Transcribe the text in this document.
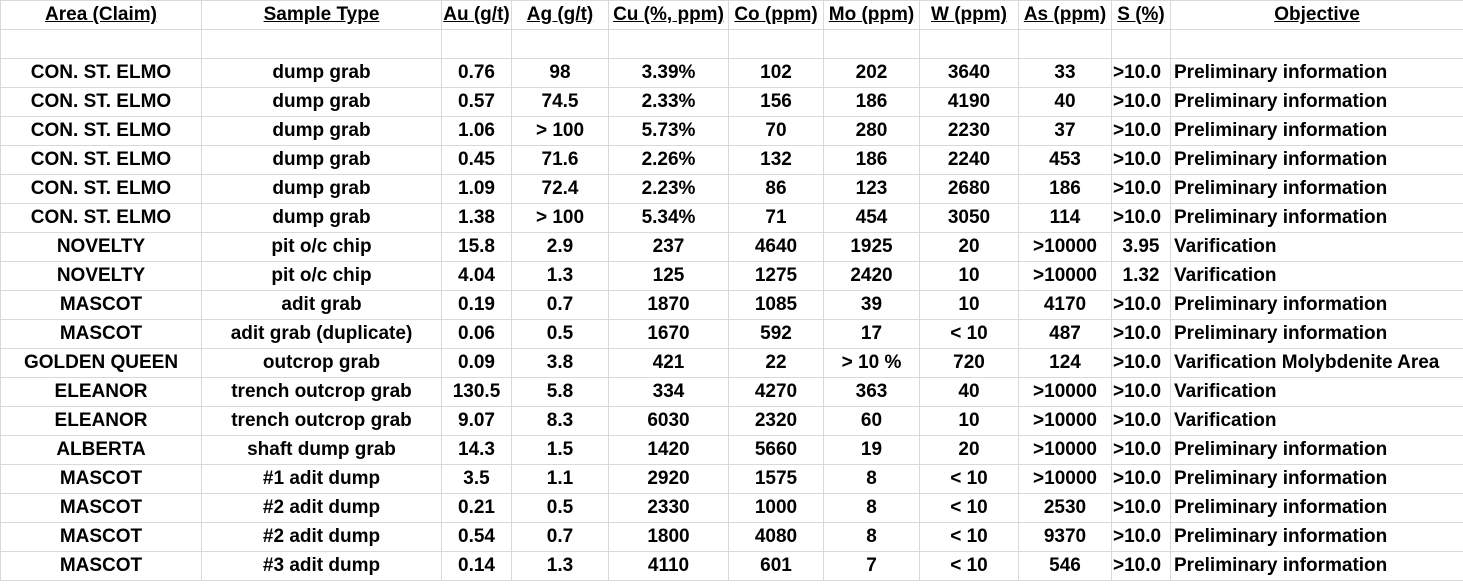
Area (Claim)	Sample Type	Au (g/t)	Ag (g/t)	Cu (%, ppm)	Co (ppm)	Mo (ppm)	W (ppm)	As (ppm)	S (%)	Objective

CON. ST. ELMO	dump grab	0.76	98	3.39%	102	202	3640	33	>10.0	Preliminary information
CON. ST. ELMO	dump grab	0.57	74.5	2.33%	156	186	4190	40	>10.0	Preliminary information
CON. ST. ELMO	dump grab	1.06	> 100	5.73%	70	280	2230	37	>10.0	Preliminary information
CON. ST. ELMO	dump grab	0.45	71.6	2.26%	132	186	2240	453	>10.0	Preliminary information
CON. ST. ELMO	dump grab	1.09	72.4	2.23%	86	123	2680	186	>10.0	Preliminary information
CON. ST. ELMO	dump grab	1.38	> 100	5.34%	71	454	3050	114	>10.0	Preliminary information
NOVELTY	pit o/c chip	15.8	2.9	237	4640	1925	20	>10000	3.95	Varification
NOVELTY	pit o/c chip	4.04	1.3	125	1275	2420	10	>10000	1.32	Varification
MASCOT	adit grab	0.19	0.7	1870	1085	39	10	4170	>10.0	Preliminary information
MASCOT	adit grab (duplicate)	0.06	0.5	1670	592	17	< 10	487	>10.0	Preliminary information
GOLDEN QUEEN	outcrop grab	0.09	3.8	421	22	> 10 %	720	124	>10.0	Varification Molybdenite Area
ELEANOR	trench outcrop grab	130.5	5.8	334	4270	363	40	>10000	>10.0	Varification
ELEANOR	trench outcrop grab	9.07	8.3	6030	2320	60	10	>10000	>10.0	Varification
ALBERTA	shaft dump grab	14.3	1.5	1420	5660	19	20	>10000	>10.0	Preliminary information
MASCOT	#1 adit dump	3.5	1.1	2920	1575	8	< 10	>10000	>10.0	Preliminary information
MASCOT	#2 adit dump	0.21	0.5	2330	1000	8	< 10	2530	>10.0	Preliminary information
MASCOT	#2 adit dump	0.54	0.7	1800	4080	8	< 10	9370	>10.0	Preliminary information
MASCOT	#3 adit dump	0.14	1.3	4110	601	7	< 10	546	>10.0	Preliminary information
